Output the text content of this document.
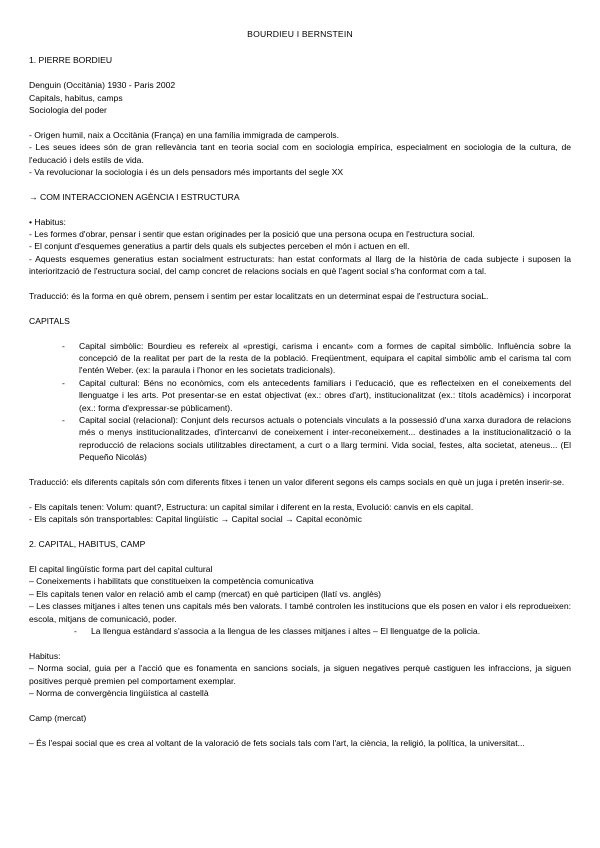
BOURDIEU I BERNSTEIN

1. PIERRE BORDIEU

Denguin (Occitània) 1930 - Paris 2002

Capitals, habitus, camps

Sociologia del poder

- Origen humil, naix a Occitània (França) en una família immigrada de camperols.

- Les seues idees són de gran rellevància tant en teoria social com en sociologia empírica, especialment en sociologia de la cultura, de l'educació i dels estils de vida.

- Va revolucionar la sociologia i és un dels pensadors més importants del segle XX

→ COM INTERACCIONEN AGÈNCIA I ESTRUCTURA

• Habitus:

- Les formes d'obrar, pensar i sentir que estan originades per la posició que una persona ocupa en l'estructura social.

- El conjunt d'esquemes generatius a partir dels quals els subjectes perceben el món i actuen en ell.

- Aquests esquemes generatius estan socialment estructurats: han estat conformats al llarg de la història de cada subjecte i suposen la interiorització de l'estructura social, del camp concret de relacions socials en què l'agent social s'ha conformat com a tal.

Traducció: és la forma en què obrem, pensem i sentim per estar localitzats en un determinat espai de l'estructura sociaL.

CAPITALS

- Capital simbòlic: Bourdieu es refereix al «prestigi, carisma i encant» com a formes de capital simbòlic. Influència sobre la concepció de la realitat per part de la resta de la població. Freqüentment, equipara el capital simbòlic amb el carisma tal com l'entén Weber. (ex: la paraula i l'honor en les societats tradicionals).
- Capital cultural: Béns no econòmics, com els antecedents familiars i l'educació, que es reflecteixen en el coneixements del llenguatge i les arts. Pot presentar-se en estat objectivat (ex.: obres d'art), institucionalitzat (ex.: títols acadèmics) i incorporat (ex.: forma d'expressar-se públicament).
- Capital social (relacional): Conjunt dels recursos actuals o potencials vinculats a la possessió d'una xarxa duradora de relacions més o menys institucionalitzades, d'intercanvi de coneixement i inter-reconeixement... destinades a la institucionalització o la reproducció de relacions socials utilitzables directament, a curt o a llarg termini. Vida social, festes, alta societat, ateneus... (El Pequeño Nicolás)

Traducció: els diferents capitals són com diferents fitxes i tenen un valor diferent segons els camps socials en què un juga i pretén inserir-se.

- Els capitals tenen: Volum: quant?, Estructura: un capital similar i diferent en la resta, Evolució: canvis en els capital.

- Els capitals són transportables: Capital lingüístic → Capital social → Capital econòmic

2. CAPITAL, HABITUS, CAMP

El capital lingüístic forma part del capital cultural

– Coneixements i habilitats que constitueixen la competència comunicativa

– Els capitals tenen valor en relació amb el camp (mercat) en què participen (llatí vs. anglès)

– Les classes mitjanes i altes tenen uns capitals més ben valorats. I també controlen les institucions que els posen en valor i els reprodueixen: escola, mitjans de comunicació, poder.

- La llengua estàndard s'associa a la llengua de les classes mitjanes i altes – El llenguatge de la policia.

Habitus:

– Norma social, guia per a l'acció que es fonamenta en sancions socials, ja siguen negatives perquè castiguen les infraccions, ja siguen positives perquè premien pel comportament exemplar.

– Norma de convergència lingüística al castellà

Camp (mercat)

– És l'espai social que es crea al voltant de la valoració de fets socials tals com l'art, la ciència, la religió, la política, la universitat...
